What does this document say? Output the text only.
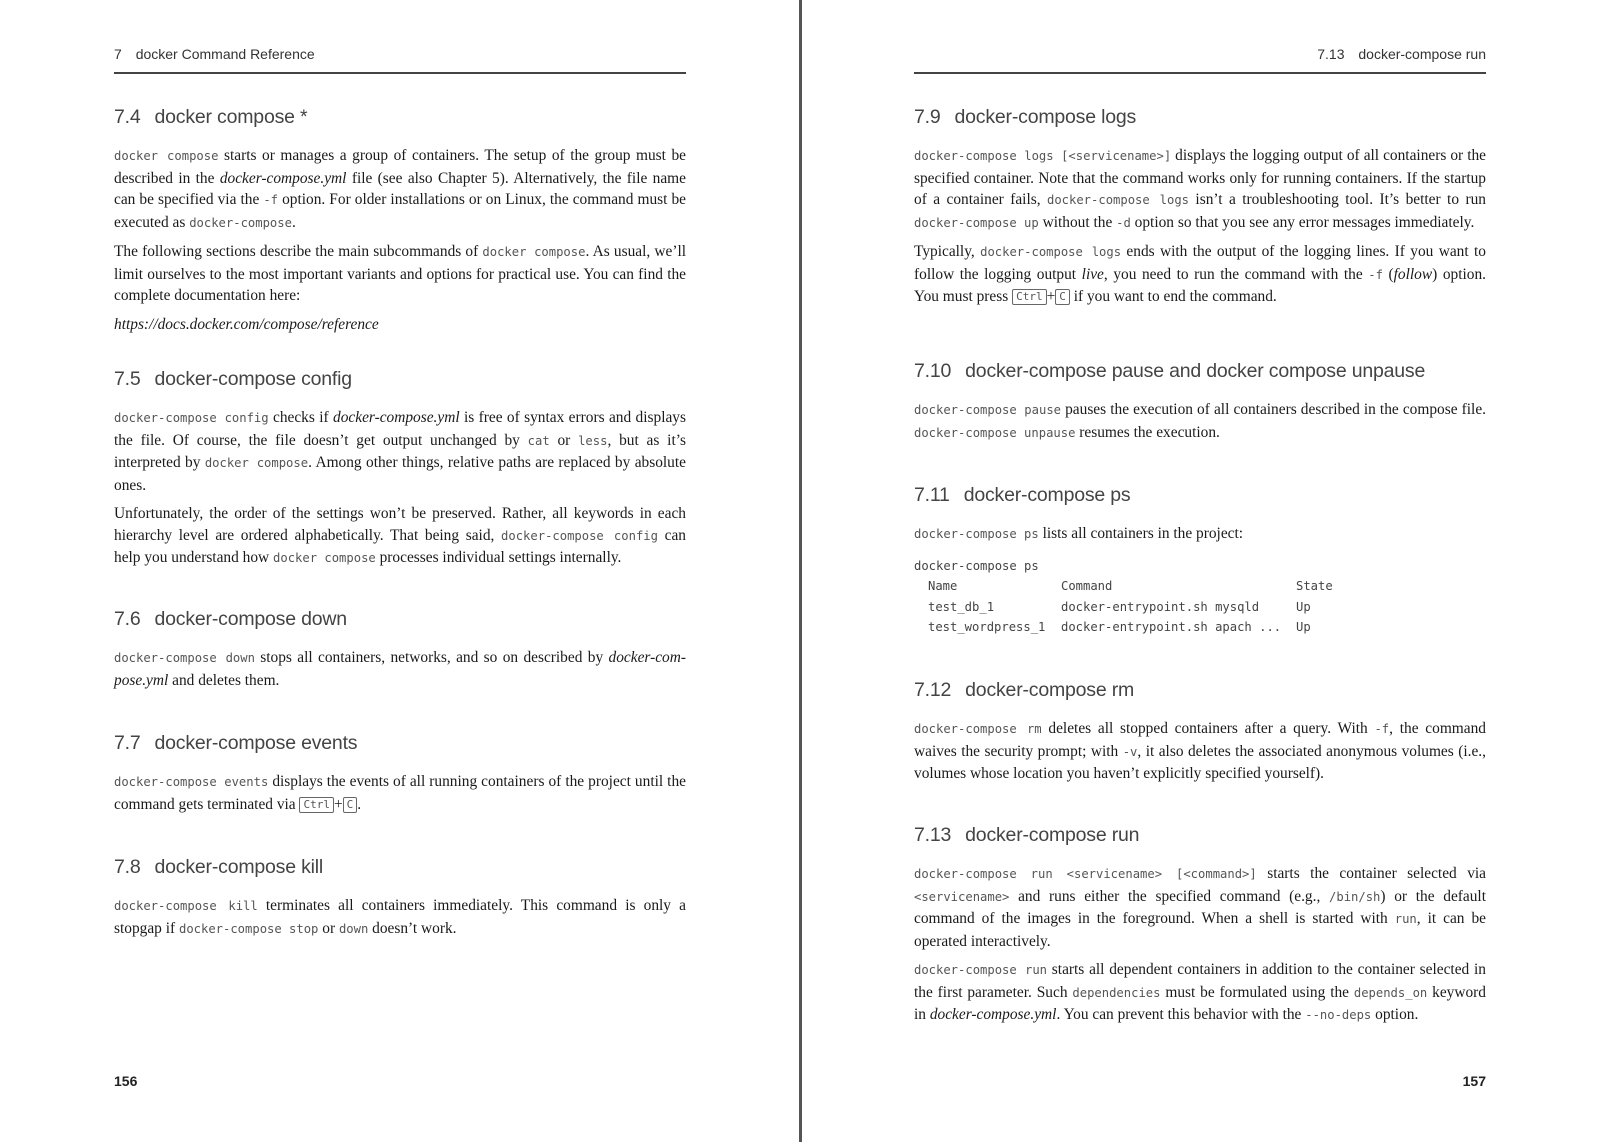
7 docker Command Reference
7.4 docker compose *

docker compose starts or manages a group of containers. The setup of the group must be described in the docker-compose.yml file (see also Chapter 5). Alternatively, the file name can be specified via the -f option. For older installations or on Linux, the command must be executed as docker-compose.

The following sections describe the main subcommands of docker compose. As usual, we’ll limit ourselves to the most important variants and options for practical use. You can find the complete documentation here:

https://docs.docker.com/compose/reference

7.5 docker-compose config

docker-compose config checks if docker-compose.yml is free of syntax errors and displays the file. Of course, the file doesn’t get output unchanged by cat or less, but as it’s interpreted by docker compose. Among other things, relative paths are replaced by absolute ones.

Unfortunately, the order of the settings won’t be preserved. Rather, all keywords in each hierarchy level are ordered alphabetically. That being said, docker-compose config can help you understand how docker compose processes individual settings internally.

7.6 docker-compose down

docker-compose down stops all containers, networks, and so on described by docker-compose.yml and deletes them.

7.7 docker-compose events

docker-compose events displays the events of all running containers of the project until the command gets terminated via Ctrl + C .

7.8 docker-compose kill

docker-compose kill terminates all containers immediately. This command is only a stopgap if docker-compose stop or down doesn’t work.

156
7.13 docker-compose run
7.9 docker-compose logs

docker-compose logs [<servicename>] displays the logging output of all containers or the specified container. Note that the command works only for running containers. If the startup of a container fails, docker-compose logs isn’t a troubleshooting tool. It’s better to run docker-compose up without the -d option so that you see any error messages immediately.

Typically, docker-compose logs ends with the output of the logging lines. If you want to follow the logging output live, you need to run the command with the -f (follow) option. You must press Ctrl + C if you want to end the command.

7.10 docker-compose pause and docker compose unpause

docker-compose pause pauses the execution of all containers described in the compose file. docker-compose unpause resumes the execution.

7.11 docker-compose ps

docker-compose ps lists all containers in the project:

docker-compose ps
Name	Command	State
test_db_1	docker-entrypoint.sh mysqld	Up
test_wordpress_1	docker-entrypoint.sh apach ...	Up
7.12 docker-compose rm

docker-compose rm deletes all stopped containers after a query. With -f, the command waives the security prompt; with -v, it also deletes the associated anonymous volumes (i.e., volumes whose location you haven’t explicitly specified yourself).

7.13 docker-compose run

docker-compose run <servicename> [<command>] starts the container selected via <servicename> and runs either the specified command (e.g., /bin/sh) or the default command of the images in the foreground. When a shell is started with run, it can be operated interactively.

docker-compose run starts all dependent containers in addition to the container selected in the first parameter. Such dependencies must be formulated using the depends_on keyword in docker-compose.yml. You can prevent this behavior with the --no-deps option.

157
